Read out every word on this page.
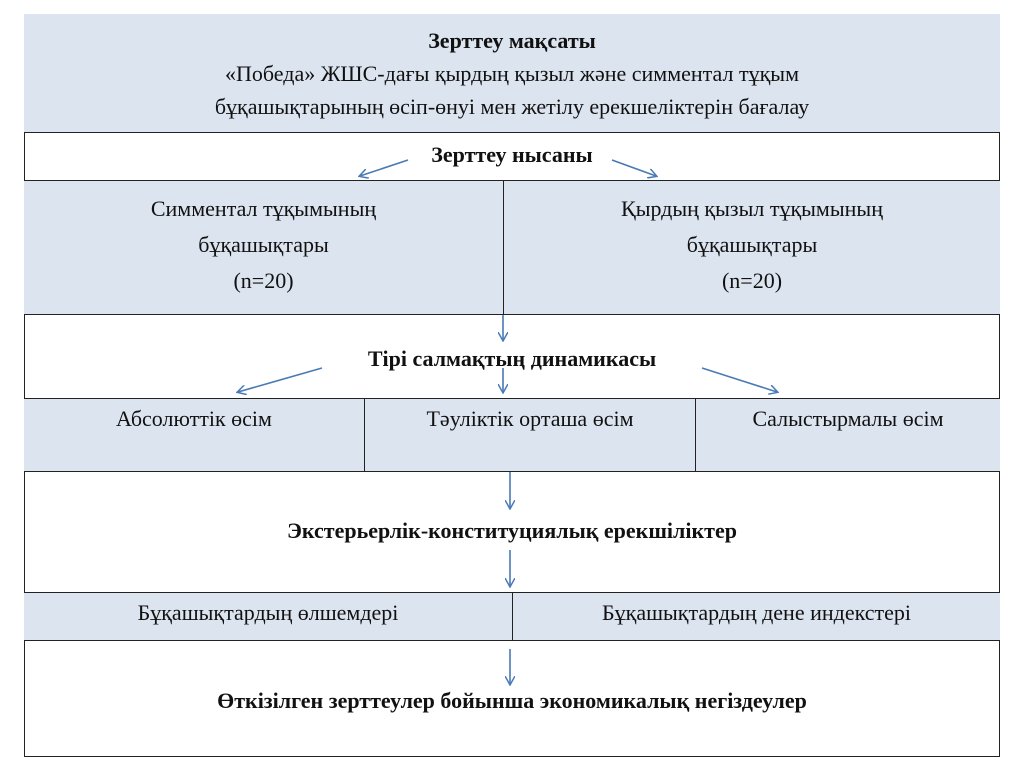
Зерттеу мақсаты
«Победа» ЖШС-дағы қырдың қызыл және симментал тұқым
бұқашықтарының өсіп-өнуі мен жетілу ерекшеліктерін бағалау
Зерттеу нысаны
Симментал тұқымының
бұқашықтары
(n=20)
Қырдың қызыл тұқымының
бұқашықтары
(n=20)
Тірі салмақтың динамикасы
Абсолюттік өсім	Тәуліктік орташа өсім	Салыстырмалы өсім
Экстерьерлік-конституциялық ерекшіліктер
Бұқашықтардың өлшемдері	Бұқашықтардың дене индекстері
Өткізілген зерттеулер бойынша экономикалық негіздеулер
